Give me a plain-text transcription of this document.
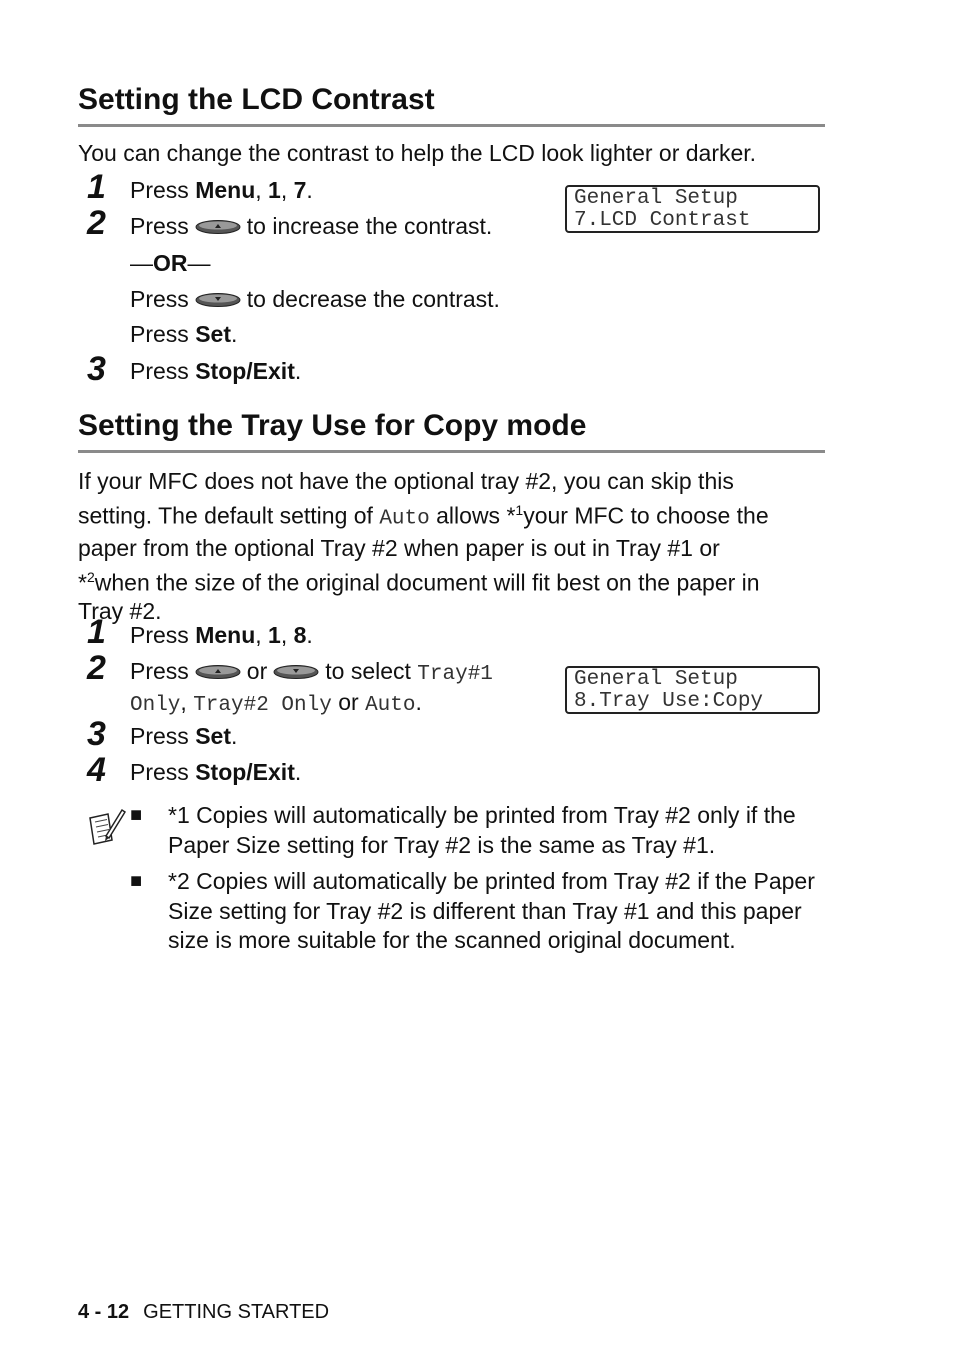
Setting the LCD Contrast

You can change the contrast to help the LCD look lighter or darker.

1 Press Menu, 1, 7.	General Setup
7.LCD Contrast
2 Press	to increase the contrast.
—OR—
Press	to decrease the contrast.
Press Set.
3 Press Stop/Exit.
Setting the Tray Use for Copy mode
If your MFC does not have the optional tray #2, you can skip this
setting. The default setting of Auto allows *$^1$your MFC to choose the
paper from the optional Tray #2 when paper is out in Tray #1 or
*$^2$when the size of the original document will fit best on the paper in
Tray #2.
1 Press Menu, 1, 8.
2 Press	or	to select Tray#1
Only, Tray#2 Only or Auto.
General Setup
8.Tray Use:Copy
3 Press Set.
4 Press Stop/Exit.
■ *1 Copies will automatically be printed from Tray #2 only if the Paper Size setting for Tray #2 is the same as Tray #1.

■ *2 Copies will automatically be printed from Tray #2 if the Paper Size setting for Tray #2 is different than Tray #1 and this paper size is more suitable for the scanned original document.

4 - 12 GETTING STARTED
